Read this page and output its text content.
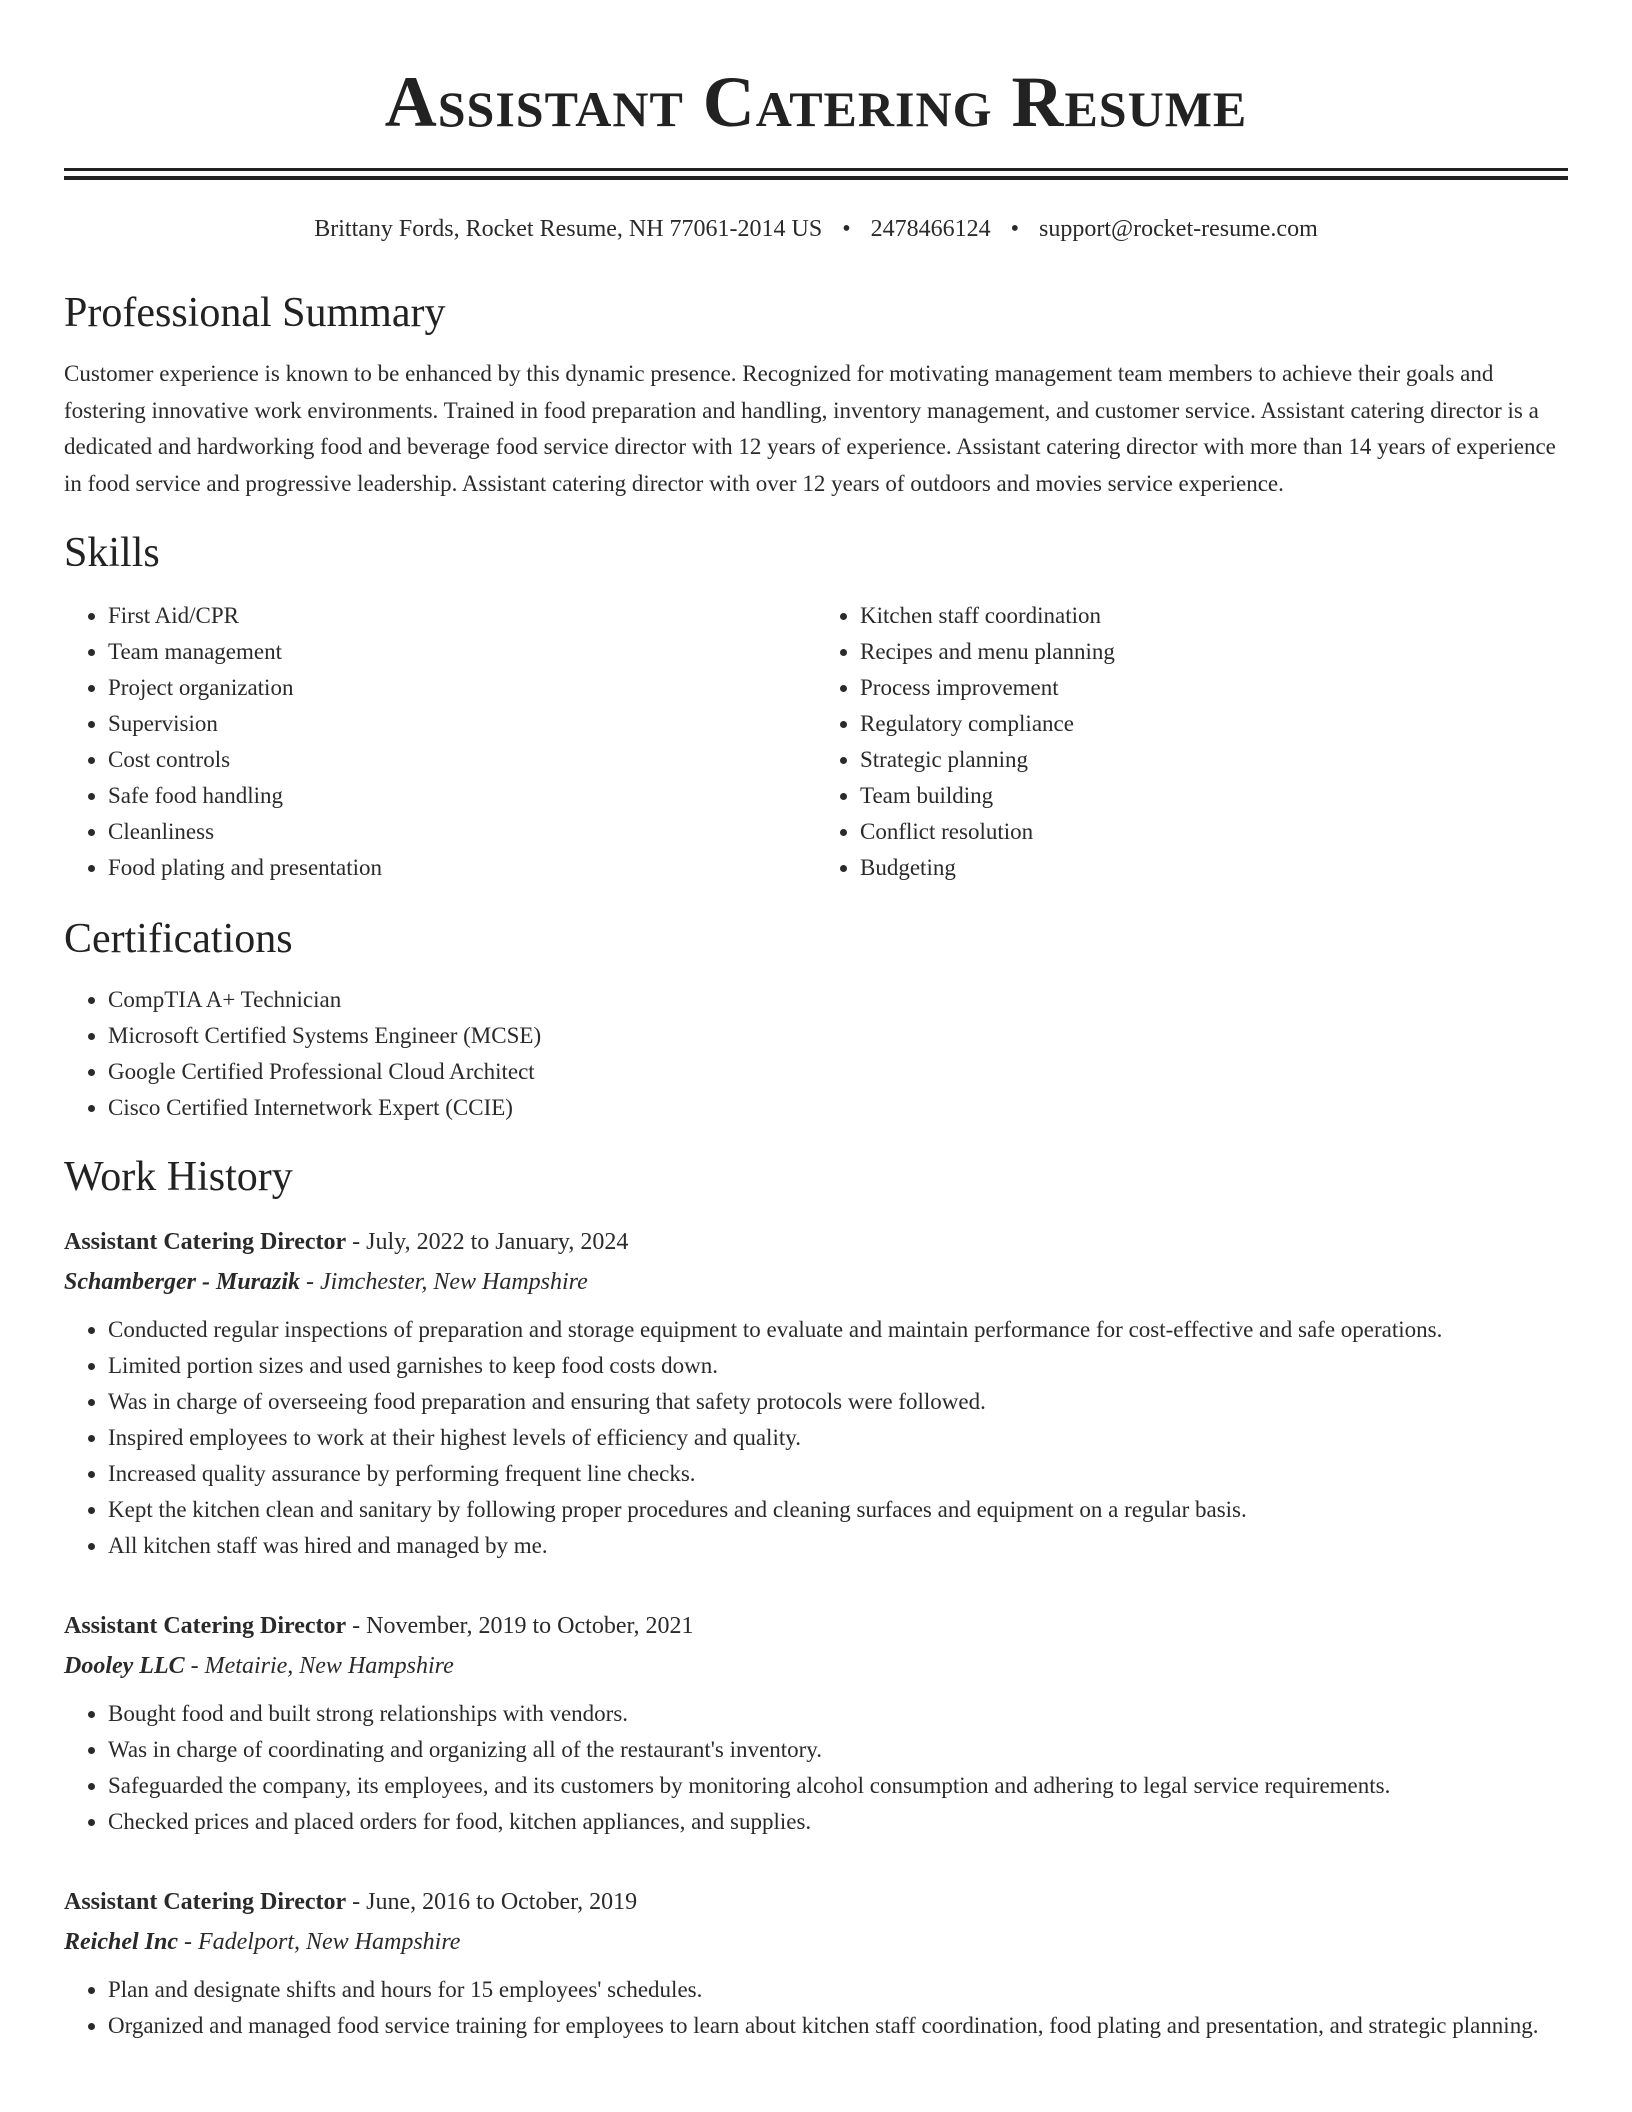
Assistant Catering Resume
Brittany Fords, Rocket Resume, NH 77061-2014 US • 2478466124 • support@rocket-resume.com
Professional Summary

Customer experience is known to be enhanced by this dynamic presence. Recognized for motivating management team members to achieve their goals and fostering innovative work environments. Trained in food preparation and handling, inventory management, and customer service. Assistant catering director is a dedicated and hardworking food and beverage food service director with 12 years of experience. Assistant catering director with more than 14 years of experience in food service and progressive leadership. Assistant catering director with over 12 years of outdoors and movies service experience.

Skills
• First Aid/CPR
• Team management
• Project organization
• Supervision
• Cost controls
• Safe food handling
• Cleanliness
• Food plating and presentation
• Kitchen staff coordination
• Recipes and menu planning
• Process improvement
• Regulatory compliance
• Strategic planning
• Team building
• Conflict resolution
• Budgeting
Certifications
• CompTIA A+ Technician
• Microsoft Certified Systems Engineer (MCSE)
• Google Certified Professional Cloud Architect
• Cisco Certified Internetwork Expert (CCIE)
Work History
Assistant Catering Director - July, 2022 to January, 2024
Schamberger - Murazik - Jimchester, New Hampshire
• Conducted regular inspections of preparation and storage equipment to evaluate and maintain performance for cost-effective and safe operations.
• Limited portion sizes and used garnishes to keep food costs down.
• Was in charge of overseeing food preparation and ensuring that safety protocols were followed.
• Inspired employees to work at their highest levels of efficiency and quality.
• Increased quality assurance by performing frequent line checks.
• Kept the kitchen clean and sanitary by following proper procedures and cleaning surfaces and equipment on a regular basis.
• All kitchen staff was hired and managed by me.
Assistant Catering Director - November, 2019 to October, 2021
Dooley LLC - Metairie, New Hampshire
• Bought food and built strong relationships with vendors.
• Was in charge of coordinating and organizing all of the restaurant's inventory.
• Safeguarded the company, its employees, and its customers by monitoring alcohol consumption and adhering to legal service requirements.
• Checked prices and placed orders for food, kitchen appliances, and supplies.
Assistant Catering Director - June, 2016 to October, 2019
Reichel Inc - Fadelport, New Hampshire
• Plan and designate shifts and hours for 15 employees' schedules.
• Organized and managed food service training for employees to learn about kitchen staff coordination, food plating and presentation, and strategic planning.
